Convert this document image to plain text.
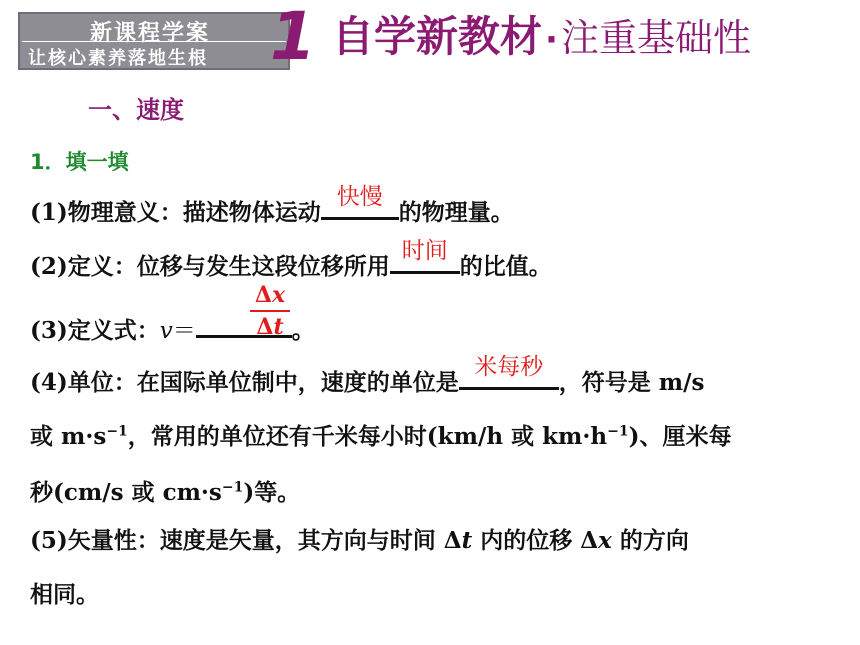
新课程学案
让核心素养落地生根 1 自学新教材·注重基础性
一、速度
1．填一填
(1)物理意义：描述物体运动
快慢
的物理量。
(2)定义：位移与发生这段位移所用
时间
的比值。
Δx
Δt
(3)定义式：v＝	。
(4)单位：在国际单位制中，速度的单位是
米每秒
，符号是 m/s
或 $m\cdot s^{-1}$，常用的单位还有千米每小时(km/h 或 $km\cdot h^{-1}$)、厘米每
秒(cm/s 或 $cm\cdot s^{-1}$)等。
(5)矢量性：速度是矢量，其方向与时间 Δt 内的位移 Δx 的方向
相同。
